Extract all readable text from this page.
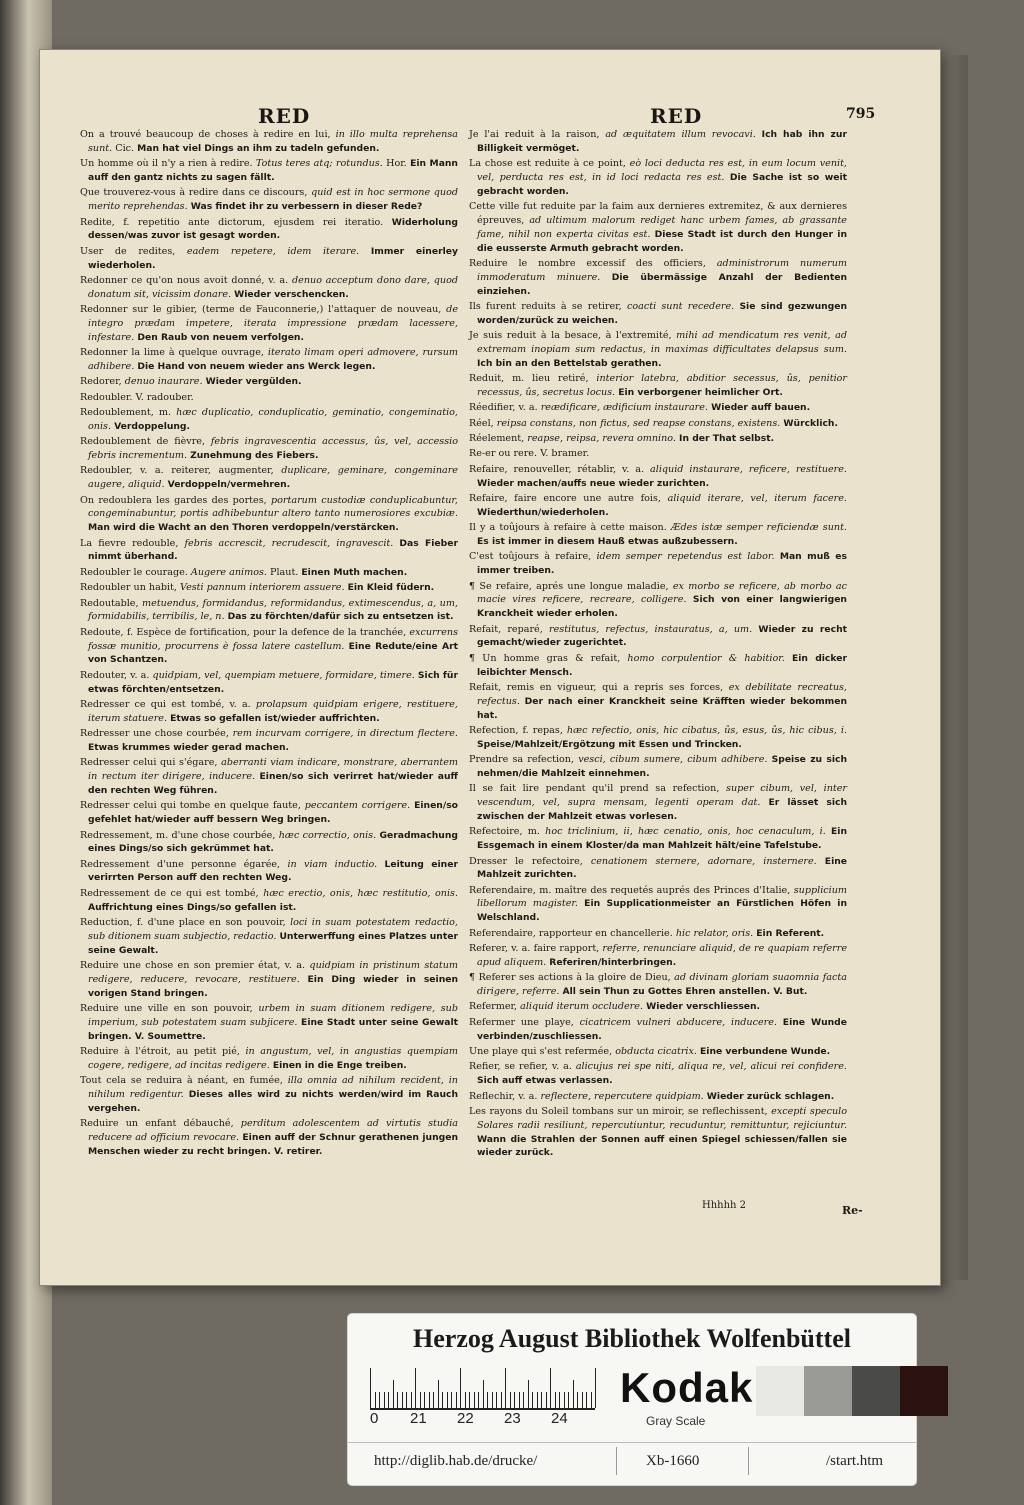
RED	RED	795

On a trouvé beaucoup de choses à redire en lui, in illo multa reprehensa sunt. Cic. Man hat viel Dings an ihm zu tadeln gefunden.

Un homme où il n'y a rien à redire. Totus teres atq; rotundus. Hor. Ein Mann auff den gantz nichts zu sagen fällt.

Que trouverez-vous à redire dans ce discours, quid est in hoc sermone quod merito reprehendas. Was findet ihr zu verbessern in dieser Rede?

Redite, f. repetitio ante dictorum, ejusdem rei iteratio. Widerholung dessen/was zuvor ist gesagt worden.

User de redites, eadem repetere, idem iterare. Immer einerley wiederholen.

Redonner ce qu'on nous avoit donné, v. a. denuo acceptum dono dare, quod donatum sit, vicissim donare. Wieder verschencken.

Redonner sur le gibier, (terme de Fauconnerie,) l'attaquer de nouveau, de integro prædam impetere, iterata impressione prædam lacessere, infestare. Den Raub von neuem verfolgen.

Redonner la lime à quelque ouvrage, iterato limam operi admovere, rursum adhibere. Die Hand von neuem wieder ans Werck legen.

Redorer, denuo inaurare. Wieder vergülden.

Redoubler. V. radouber.

Redoublement, m. hæc duplicatio, conduplicatio, geminatio, congeminatio, onis. Verdoppelung.

Redoublement de fièvre, febris ingravescentia accessus, ûs, vel, accessio febris incrementum. Zunehmung des Fiebers.

Redoubler, v. a. reiterer, augmenter, duplicare, geminare, congeminare augere, aliquid. Verdoppeln/vermehren.

On redoublera les gardes des portes, portarum custodiæ conduplicabuntur, congeminabuntur, portis adhibebuntur altero tanto numerosiores excubiæ. Man wird die Wacht an den Thoren verdoppeln/verstärcken.

La fievre redouble, febris accrescit, recrudescit, ingravescit. Das Fieber nimmt überhand.

Redoubler le courage. Augere animos. Plaut. Einen Muth machen.

Redoubler un habit, Vesti pannum interiorem assuere. Ein Kleid füdern.

Redoutable, metuendus, formidandus, reformidandus, extimescendus, a, um, formidabilis, terribilis, le, n. Das zu förchten/dafür sich zu entsetzen ist.

Redoute, f. Espèce de fortification, pour la defence de la tranchée, excurrens fossæ munitio, procurrens è fossa latere castellum. Eine Redute/eine Art von Schantzen.

Redouter, v. a. quidpiam, vel, quempiam metuere, formidare, timere. Sich für etwas förchten/entsetzen.

Redresser ce qui est tombé, v. a. prolapsum quidpiam erigere, restituere, iterum statuere. Etwas so gefallen ist/wieder auffrichten.

Redresser une chose courbée, rem incurvam corrigere, in directum flectere. Etwas krummes wieder gerad machen.

Redresser celui qui s'égare, aberranti viam indicare, monstrare, aberrantem in rectum iter dirigere, inducere. Einen/so sich verirret hat/wieder auff den rechten Weg führen.

Redresser celui qui tombe en quelque faute, peccantem corrigere. Einen/so gefehlet hat/wieder auff bessern Weg bringen.

Redressement, m. d'une chose courbée, hæc correctio, onis. Geradmachung eines Dings/so sich gekrümmet hat.

Redressement d'une personne égarée, in viam inductio. Leitung einer verirrten Person auff den rechten Weg.

Redressement de ce qui est tombé, hæc erectio, onis, hæc restitutio, onis. Auffrichtung eines Dings/so gefallen ist.

Reduction, f. d'une place en son pouvoir, loci in suam potestatem redactio, sub ditionem suam subjectio, redactio. Unterwerffung eines Platzes unter seine Gewalt.

Reduire une chose en son premier état, v. a. quidpiam in pristinum statum redigere, reducere, revocare, restituere. Ein Ding wieder in seinen vorigen Stand bringen.

Reduire une ville en son pouvoir, urbem in suam ditionem redigere, sub imperium, sub potestatem suam subjicere. Eine Stadt unter seine Gewalt bringen. V. Soumettre.

Reduire à l'étroit, au petit pié, in angustum, vel, in angustias quempiam cogere, redigere, ad incitas redigere. Einen in die Enge treiben.

Tout cela se reduira à néant, en fumée, illa omnia ad nihilum recident, in nihilum redigentur. Dieses alles wird zu nichts werden/wird im Rauch vergehen.

Reduire un enfant débauché, perditum adolescentem ad virtutis studia reducere ad officium revocare. Einen auff der Schnur gerathenen jungen Menschen wieder zu recht bringen. V. retirer.

Je l'ai reduit à la raison, ad æquitatem illum revocavi. Ich hab ihn zur Billigkeit vermöget.

La chose est reduite à ce point, eò loci deducta res est, in eum locum venit, vel, perducta res est, in id loci redacta res est. Die Sache ist so weit gebracht worden.

Cette ville fut reduite par la faim aux dernieres extremitez, & aux dernieres épreuves, ad ultimum malorum rediget hanc urbem fames, ab grassante fame, nihil non experta civitas est. Diese Stadt ist durch den Hunger in die eusserste Armuth gebracht worden.

Reduire le nombre excessif des officiers, administrorum numerum immoderatum minuere. Die übermässige Anzahl der Bedienten einziehen.

Ils furent reduits à se retirer, coacti sunt recedere. Sie sind gezwungen worden/zurück zu weichen.

Je suis reduit à la besace, à l'extremité, mihi ad mendicatum res venit, ad extremam inopiam sum redactus, in maximas difficultates delapsus sum. Ich bin an den Bettelstab gerathen.

Reduit, m. lieu retiré, interior latebra, abditior secessus, ûs, penitior recessus, ûs, secretus locus. Ein verborgener heimlicher Ort.

Réedifier, v. a. reædificare, ædificium instaurare. Wieder auff bauen.

Réel, reipsa constans, non fictus, sed reapse constans, existens. Würcklich.

Réelement, reapse, reipsa, revera omnino. In der That selbst.

Re-er ou rere. V. bramer.

Refaire, renouveller, rétablir, v. a. aliquid instaurare, reficere, restituere. Wieder machen/auffs neue wieder zurichten.

Refaire, faire encore une autre fois, aliquid iterare, vel, iterum facere. Wiederthun/wiederholen.

Il y a toûjours à refaire à cette maison. Ædes istæ semper reficiendæ sunt. Es ist immer in diesem Hauß etwas außzubessern.

C'est toûjours à refaire, idem semper repetendus est labor. Man muß es immer treiben.

¶ Se refaire, aprés une longue maladie, ex morbo se reficere, ab morbo ac macie vires reficere, recreare, colligere. Sich von einer langwierigen Kranckheit wieder erholen.

Refait, reparé, restitutus, refectus, instauratus, a, um. Wieder zu recht gemacht/wieder zugerichtet.

¶ Un homme gras & refait, homo corpulentior & habitior. Ein dicker leibichter Mensch.

Refait, remis en vigueur, qui a repris ses forces, ex debilitate recreatus, refectus. Der nach einer Kranckheit seine Kräfften wieder bekommen hat.

Refection, f. repas, hæc refectio, onis, hic cibatus, ûs, esus, ûs, hic cibus, i. Speise/Mahlzeit/Ergötzung mit Essen und Trincken.

Prendre sa refection, vesci, cibum sumere, cibum adhibere. Speise zu sich nehmen/die Mahlzeit einnehmen.

Il se fait lire pendant qu'il prend sa refection, super cibum, vel, inter vescendum, vel, supra mensam, legenti operam dat. Er lässet sich zwischen der Mahlzeit etwas vorlesen.

Refectoire, m. hoc triclinium, ii, hæc cenatio, onis, hoc cenaculum, i. Ein Essgemach in einem Kloster/da man Mahlzeit hält/eine Tafelstube.

Dresser le refectoire, cenationem sternere, adornare, insternere. Eine Mahlzeit zurichten.

Referendaire, m. maître des requetés auprés des Princes d'Italie, supplicium libellorum magister. Ein Supplicationmeister an Fürstlichen Höfen in Welschland.

Referendaire, rapporteur en chancellerie. hic relator, oris. Ein Referent.

Referer, v. a. faire rapport, referre, renunciare aliquid, de re quapiam referre apud aliquem. Referiren/hinterbringen.

¶ Referer ses actions à la gloire de Dieu, ad divinam gloriam suaomnia facta dirigere, referre. All sein Thun zu Gottes Ehren anstellen. V. But.

Refermer, aliquid iterum occludere. Wieder verschliessen.

Refermer une playe, cicatricem vulneri abducere, inducere. Eine Wunde verbinden/zuschliessen.

Une playe qui s'est refermée, obducta cicatrix. Eine verbundene Wunde.

Refier, se refier, v. a. alicujus rei spe niti, aliqua re, vel, alicui rei confidere. Sich auff etwas verlassen.

Reflechir, v. a. reflectere, repercutere quidpiam. Wieder zurück schlagen.

Les rayons du Soleil tombans sur un miroir, se reflechissent, excepti speculo Solares radii resiliunt, repercutiuntur, recuduntur, remittuntur, rejiciuntur. Wann die Strahlen der Sonnen auff einen Spiegel schiessen/fallen sie wieder zurück.

Hhhhh 2	Re-
Herzog August Bibliothek Wolfenbüttel
0 21 22 23 24
Kodak
Gray Scale
http://diglib.hab.de/drucke/	Xb-1660	/start.htm
